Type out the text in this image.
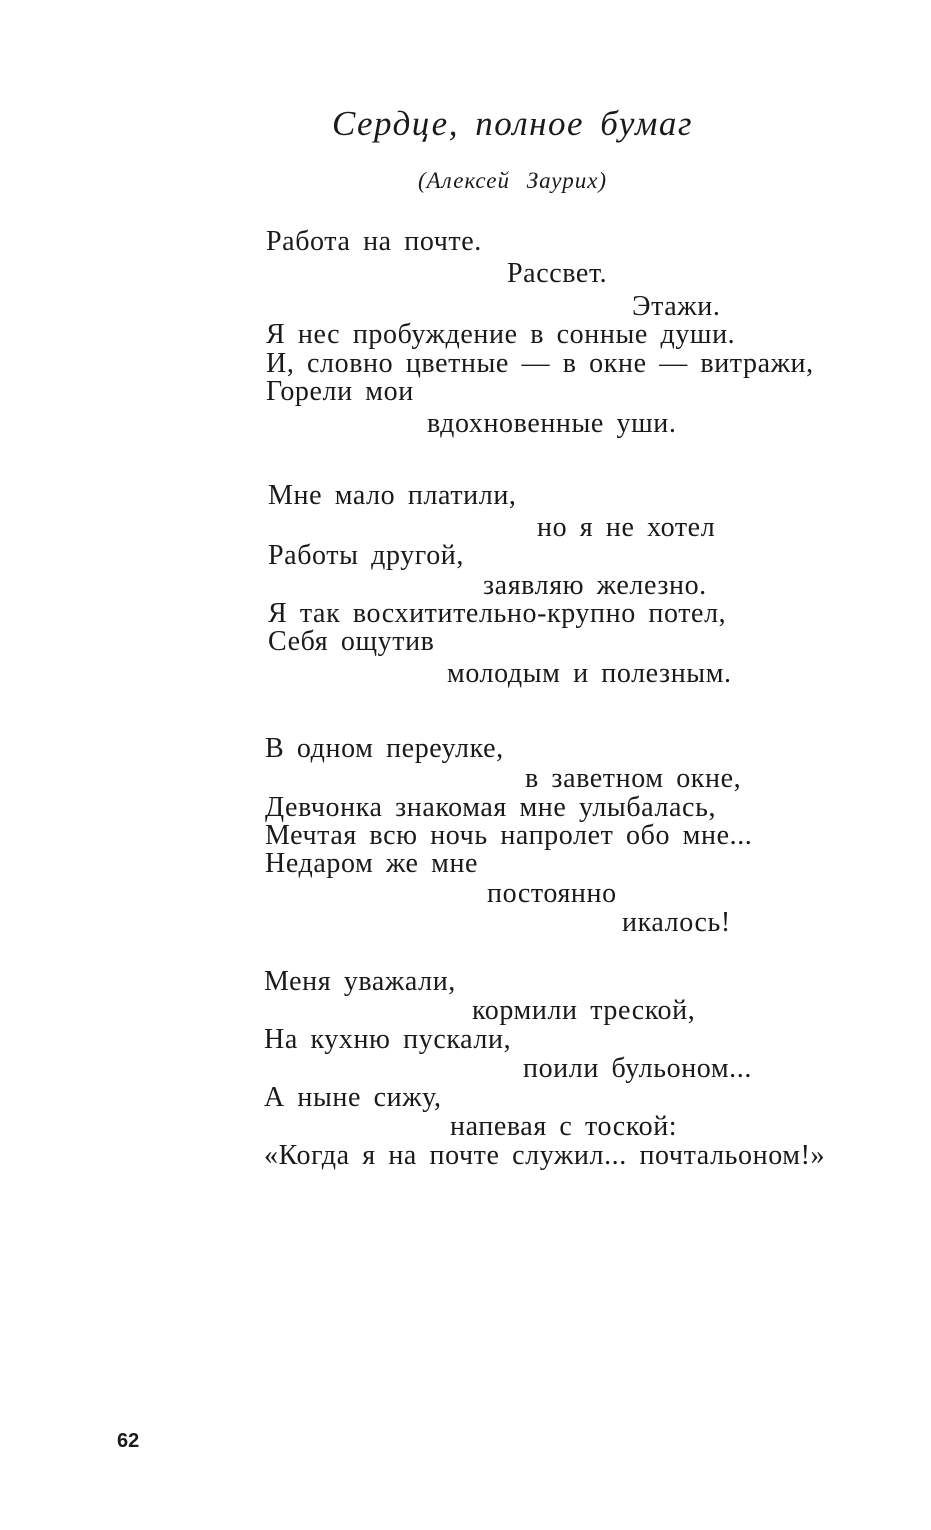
Сердце, полное бумаг
(Алексей Заурих)
Работа на почте.
Рассвет.
Этажи.
Я нес пробуждение в сонные души.
И, словно цветные — в окне — витражи,
Горели мои
вдохновенные уши.
Мне мало платили,
но я не хотел
Работы другой,
заявляю железно.
Я так восхитительно-крупно потел,
Себя ощутив
молодым и полезным.
В одном переулке,
в заветном окне,
Девчонка знакомая мне улыбалась,
Мечтая всю ночь напролет обо мне...
Недаром же мне
постоянно
икалось!
Меня уважали,
кормили треской,
На кухню пускали,
поили бульоном...
А ныне сижу,
напевая с тоской:
«Когда я на почте служил... почтальоном!»
62
